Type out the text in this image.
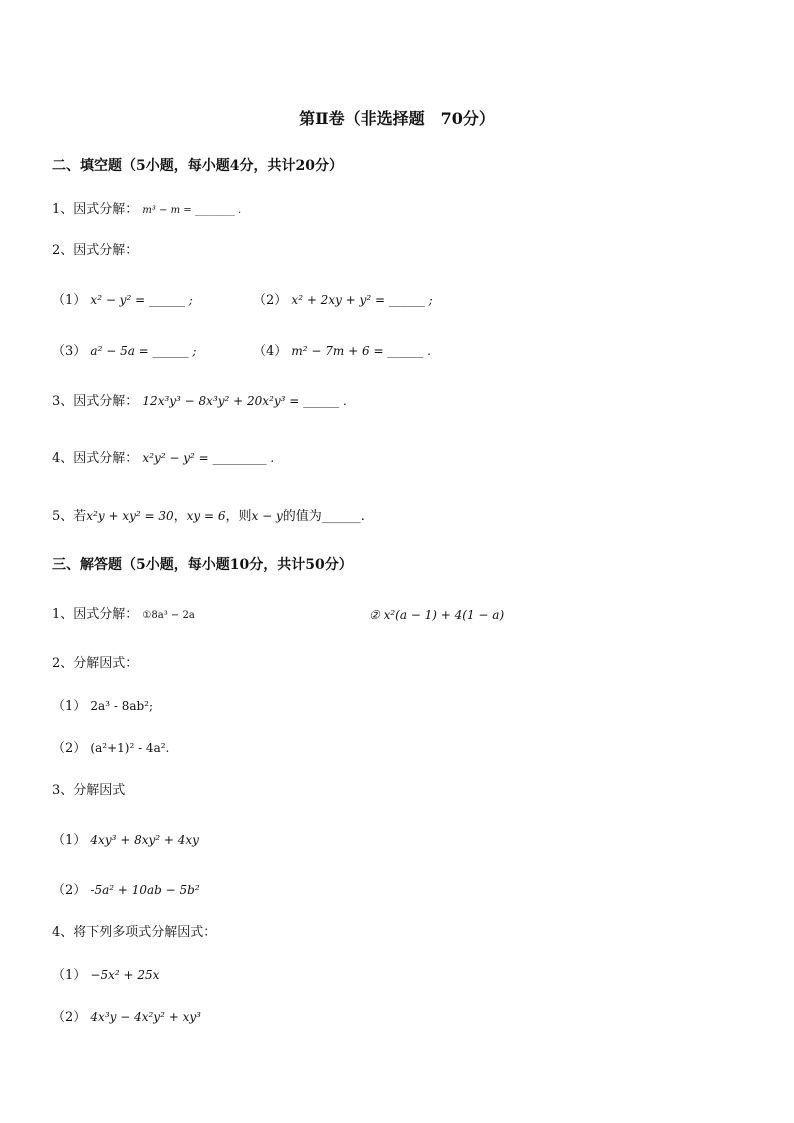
第Ⅱ卷（非选择题　70分）
二、填空题（5小题，每小题4分，共计20分）
1、因式分解： m³ − m = ________ .
2、因式分解：
（1） x² − y² = ______ ;	（2） x² + 2xy + y² = ______ ;
（3） a² − 5a = ______ ;	（4） m² − 7m + 6 = ______ .
3、因式分解： 12x³y³ − 8x³y² + 20x²y³ = ______ .
4、因式分解： x²y² − y² = _________ .
5、若x²y + xy² = 30，xy = 6，则x − y的值为______.
三、解答题（5小题，每小题10分，共计50分）
1、因式分解： ①8a³ − 2a	② x²(a − 1) + 4(1 − a)
2、分解因式：
（1） 2a³ - 8ab²;
（2） (a²+1)² - 4a².
3、分解因式
（1） 4xy³ + 8xy² + 4xy
（2） -5a² + 10ab − 5b²
4、将下列多项式分解因式：
（1） −5x² + 25x
（2） 4x³y − 4x²y² + xy³
